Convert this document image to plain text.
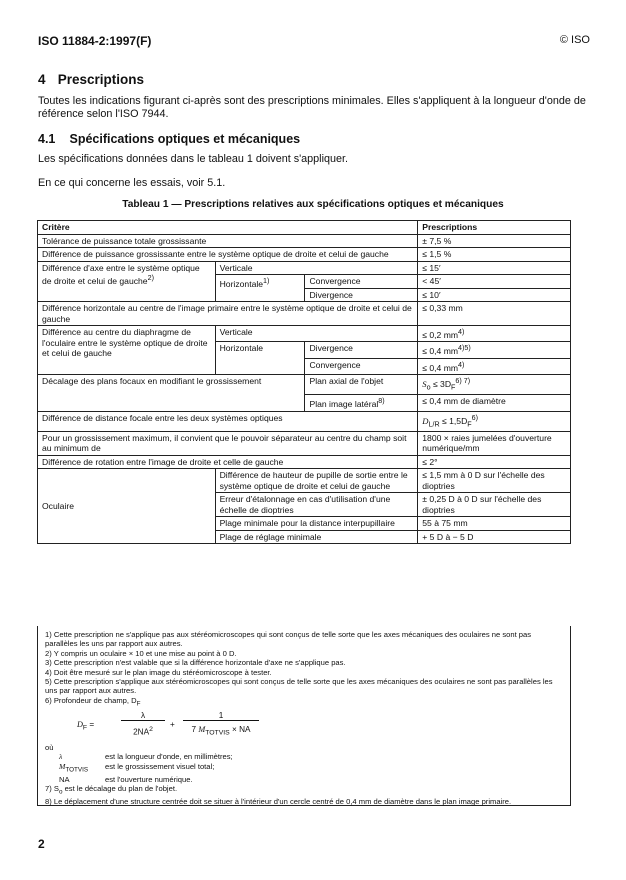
ISO 11884-2:1997(F)	© ISO
4 Prescriptions
Toutes les indications figurant ci-après sont des prescriptions minimales. Elles s'appliquent à la longueur d'onde de référence selon l'ISO 7944.
4.1 Spécifications optiques et mécaniques
Les spécifications données dans le tableau 1 doivent s'appliquer.
En ce qui concerne les essais, voir 5.1.
Tableau 1 — Prescriptions relatives aux spécifications optiques et mécaniques
Critère			Prescriptions
Tolérance de puissance totale grossissante			± 7,5 %
Différence de puissance grossissante entre le système optique de droite et celui de gauche			≤ 1,5 %
Différence d'axe entre le système optique de droite et celui de gauche$^{2)}$	Verticale		≤ 15′
	Horizontale$^{1)}$	Convergence	< 45′
		Divergence	≤ 10′
Différence horizontale au centre de l'image primaire entre le système optique de droite et celui de gauche			≤ 0,33 mm
Différence au centre du diaphragme de l'oculaire entre le système optique de droite et celui de gauche	Verticale		≤ 0,2 $mm^{4)}$
	Horizontale	Divergence	≤ 0,4 $mm^{4)5)}$
		Convergence	≤ 0,4 $mm^{4)}$
Décalage des plans focaux en modifiant le grossissement		Plan axial de l'objet	$S_o \le 3D_F^{6) 7)}$
		Plan image latéral$^{8)}$	≤ 0,4 mm de diamètre
Différence de distance focale entre les deux systèmes optiques			$D_{L/R} \le 1,5D_F^{6)}$
Pour un grossissement maximum, il convient que le pouvoir séparateur au centre du champ soit au minimum de			1800 × raies jumelées d'ouverture numérique/mm
Différence de rotation entre l'image de droite et celle de gauche			≤ 2°
Oculaire	Différence de hauteur de pupille de sortie entre le système optique de droite et celui de gauche		≤ 1,5 mm à 0 D sur l'échelle des dioptries
	Erreur d'étalonnage en cas d'utilisation d'une échelle de dioptries		± 0,25 D à 0 D sur l'échelle des dioptries
	Plage minimale pour la distance interpupillaire		55 à 75 mm
	Plage de réglage minimale		+ 5 D à − 5 D

1) Cette prescription ne s'applique pas aux stéréomicroscopes qui sont conçus de telle sorte que les axes mécaniques des oculaires ne sont pas parallèles les uns par rapport aux autres.

2) Y compris un oculaire × 10 et une mise au point à 0 D.

3) Cette prescription n'est valable que si la différence horizontale d'axe ne s'applique pas.

4) Doit être mesuré sur le plan image du stéréomicroscope à tester.

5) Cette prescription s'applique aux stéréomicroscopes qui sont conçus de telle sorte que les axes mécaniques des oculaires ne sont pas parallèles les uns par rapport aux autres.

6) Profondeur de champ, $D_F$

$D_F$ =
λ
$2NA^2$
+
1
7 $M_{TOTVIS}$ × NA

où

λ	est la longueur d'onde, en millimètres;
$M_{TOTVIS}$	est le grossissement visuel total;
NA	est l'ouverture numérique.

7) $S_o$ est le décalage du plan de l'objet.

8) Le déplacement d'une structure centrée doit se situer à l'intérieur d'un cercle centré de 0,4 mm de diamètre dans le plan image primaire.

2
